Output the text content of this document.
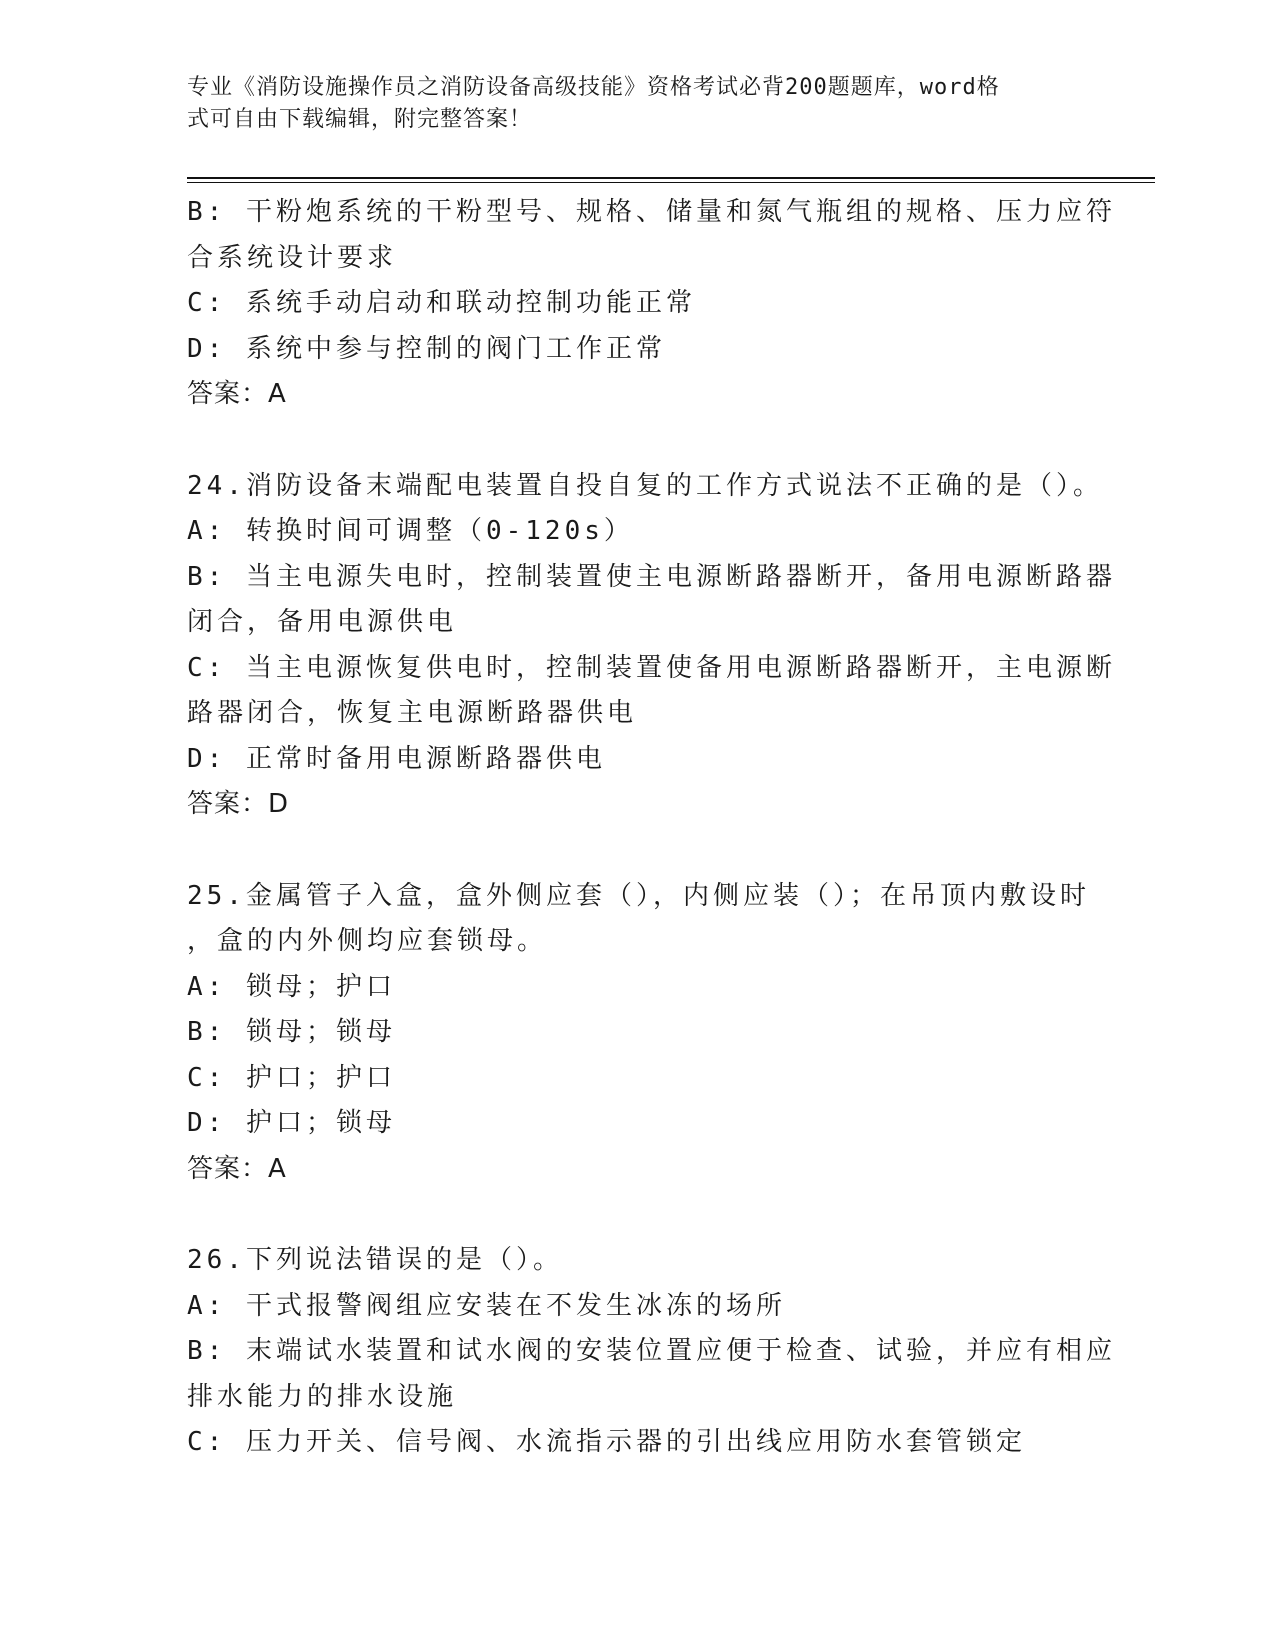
专业《消防设施操作员之消防设备高级技能》资格考试必背200题题库，word格
式可自由下载编辑，附完整答案！
B: 干粉炮系统的干粉型号、规格、储量和氮气瓶组的规格、压力应符
合系统设计要求
C: 系统手动启动和联动控制功能正常
D: 系统中参与控制的阀门工作正常
答案：A
24.消防设备末端配电装置自投自复的工作方式说法不正确的是（）。
A: 转换时间可调整（0-120s）
B: 当主电源失电时，控制装置使主电源断路器断开，备用电源断路器
闭合，备用电源供电
C: 当主电源恢复供电时，控制装置使备用电源断路器断开，主电源断
路器闭合，恢复主电源断路器供电
D: 正常时备用电源断路器供电
答案：D
25.金属管子入盒，盒外侧应套（），内侧应装（）；在吊顶内敷设时
，盒的内外侧均应套锁母。
A: 锁母；护口
B: 锁母；锁母
C: 护口；护口
D: 护口；锁母
答案：A
26.下列说法错误的是（）。
A: 干式报警阀组应安装在不发生冰冻的场所
B: 末端试水装置和试水阀的安装位置应便于检查、试验，并应有相应
排水能力的排水设施
C: 压力开关、信号阀、水流指示器的引出线应用防水套管锁定
